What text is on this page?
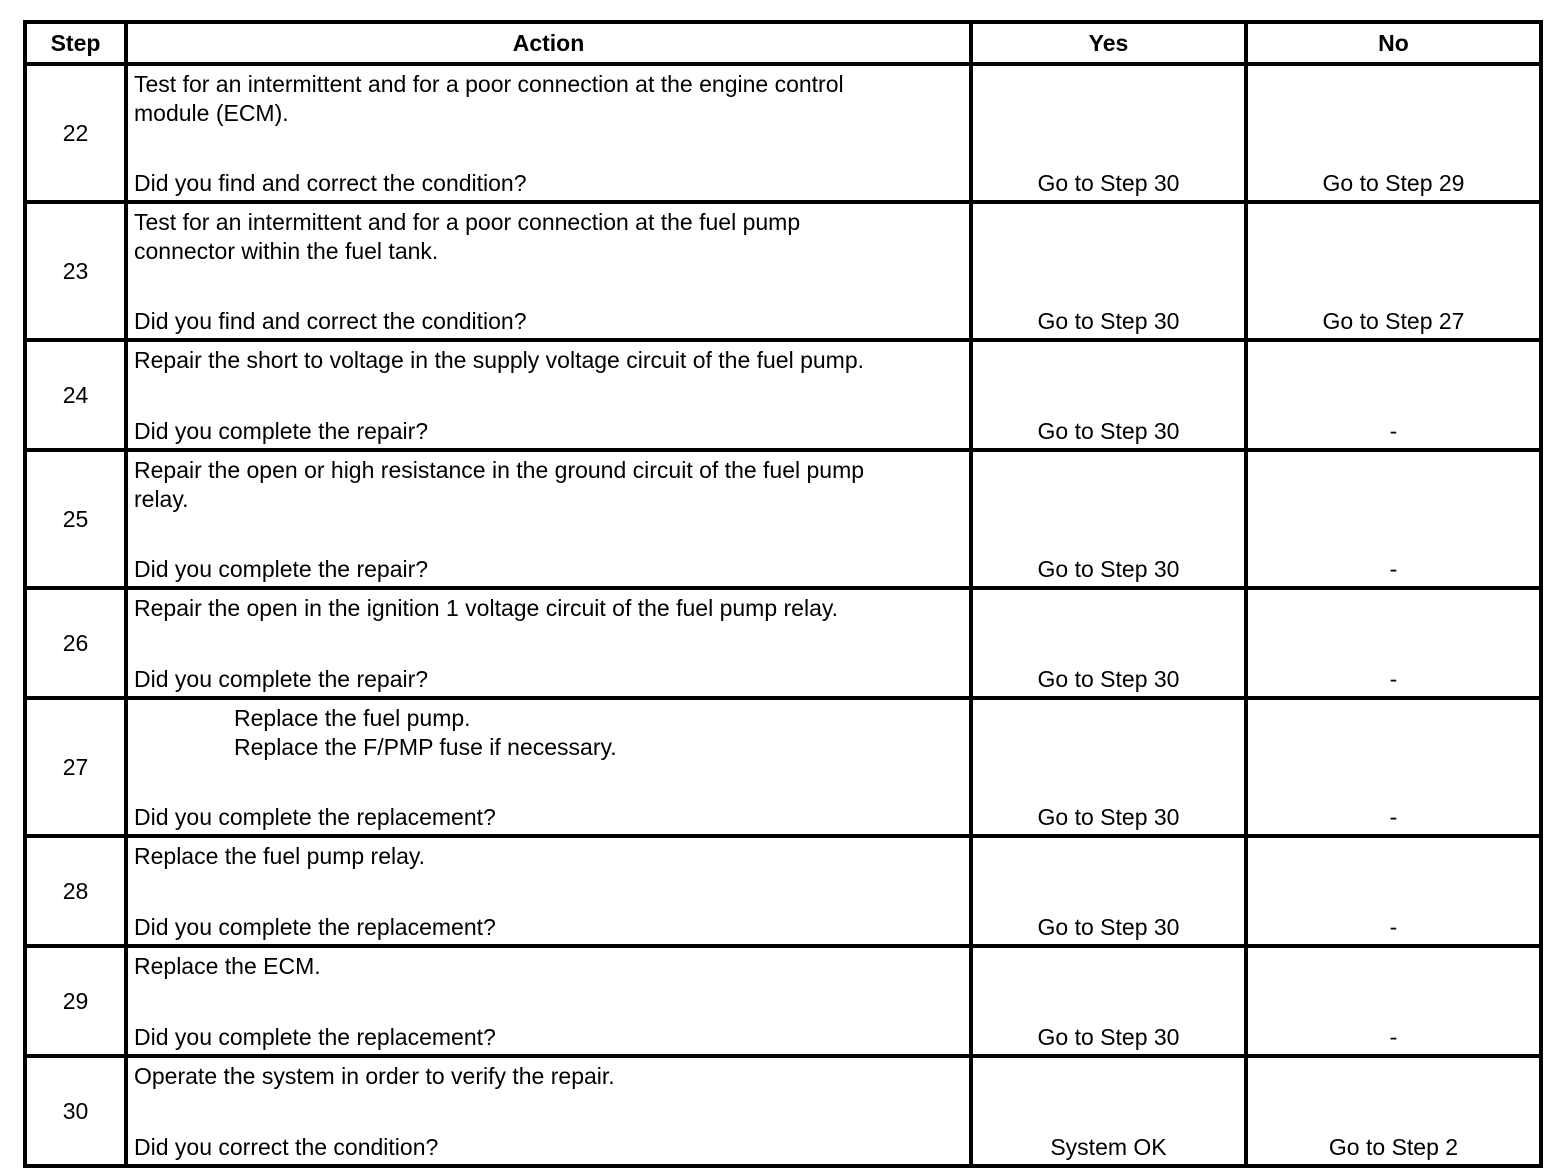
Step	Action	Yes	No
22	Test for an intermittent and for a poor connection at the engine control
module (ECM).
Did you find and correct the condition?	Go to Step 30	Go to Step 29
23	Test for an intermittent and for a poor connection at the fuel pump
connector within the fuel tank.
Did you find and correct the condition?	Go to Step 30	Go to Step 27
24	Repair the short to voltage in the supply voltage circuit of the fuel pump.
Did you complete the repair?	Go to Step 30	-
25	Repair the open or high resistance in the ground circuit of the fuel pump
relay.
Did you complete the repair?	Go to Step 30	-
26	Repair the open in the ignition 1 voltage circuit of the fuel pump relay.
Did you complete the repair?	Go to Step 30	-
27	Replace the fuel pump.
Replace the F/PMP fuse if necessary.
Did you complete the replacement?	Go to Step 30	-
28	Replace the fuel pump relay.
Did you complete the replacement?	Go to Step 30	-
29	Replace the ECM.
Did you complete the replacement?	Go to Step 30	-
30	Operate the system in order to verify the repair.
Did you correct the condition?	System OK	Go to Step 2
